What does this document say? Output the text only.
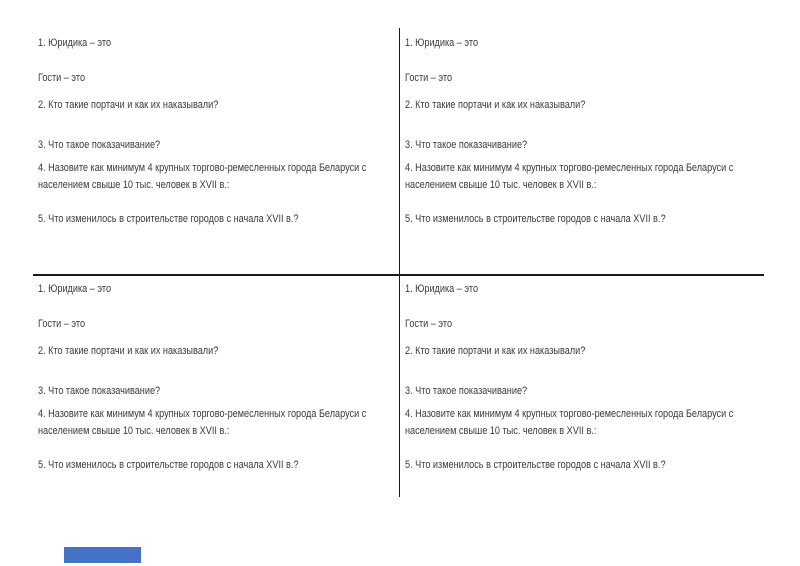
1. Юридика – это
Гости – это
2. Кто такие портачи и как их наказывали?
3. Что такое показачивание?
4. Назовите как минимум 4 крупных торгово-ремесленных города Беларуси с
населением свыше 10 тыс. человек в XVII в.:
5. Что изменилось в строительстве городов с начала XVII в.?
1. Юридика – это
Гости – это
2. Кто такие портачи и как их наказывали?
3. Что такое показачивание?
4. Назовите как минимум 4 крупных торгово-ремесленных города Беларуси с
населением свыше 10 тыс. человек в XVII в.:
5. Что изменилось в строительстве городов с начала XVII в.?
1. Юридика – это
Гости – это
2. Кто такие портачи и как их наказывали?
3. Что такое показачивание?
4. Назовите как минимум 4 крупных торгово-ремесленных города Беларуси с
населением свыше 10 тыс. человек в XVII в.:
5. Что изменилось в строительстве городов с начала XVII в.?
1. Юридика – это
Гости – это
2. Кто такие портачи и как их наказывали?
3. Что такое показачивание?
4. Назовите как минимум 4 крупных торгово-ремесленных города Беларуси с
населением свыше 10 тыс. человек в XVII в.:
5. Что изменилось в строительстве городов с начала XVII в.?
